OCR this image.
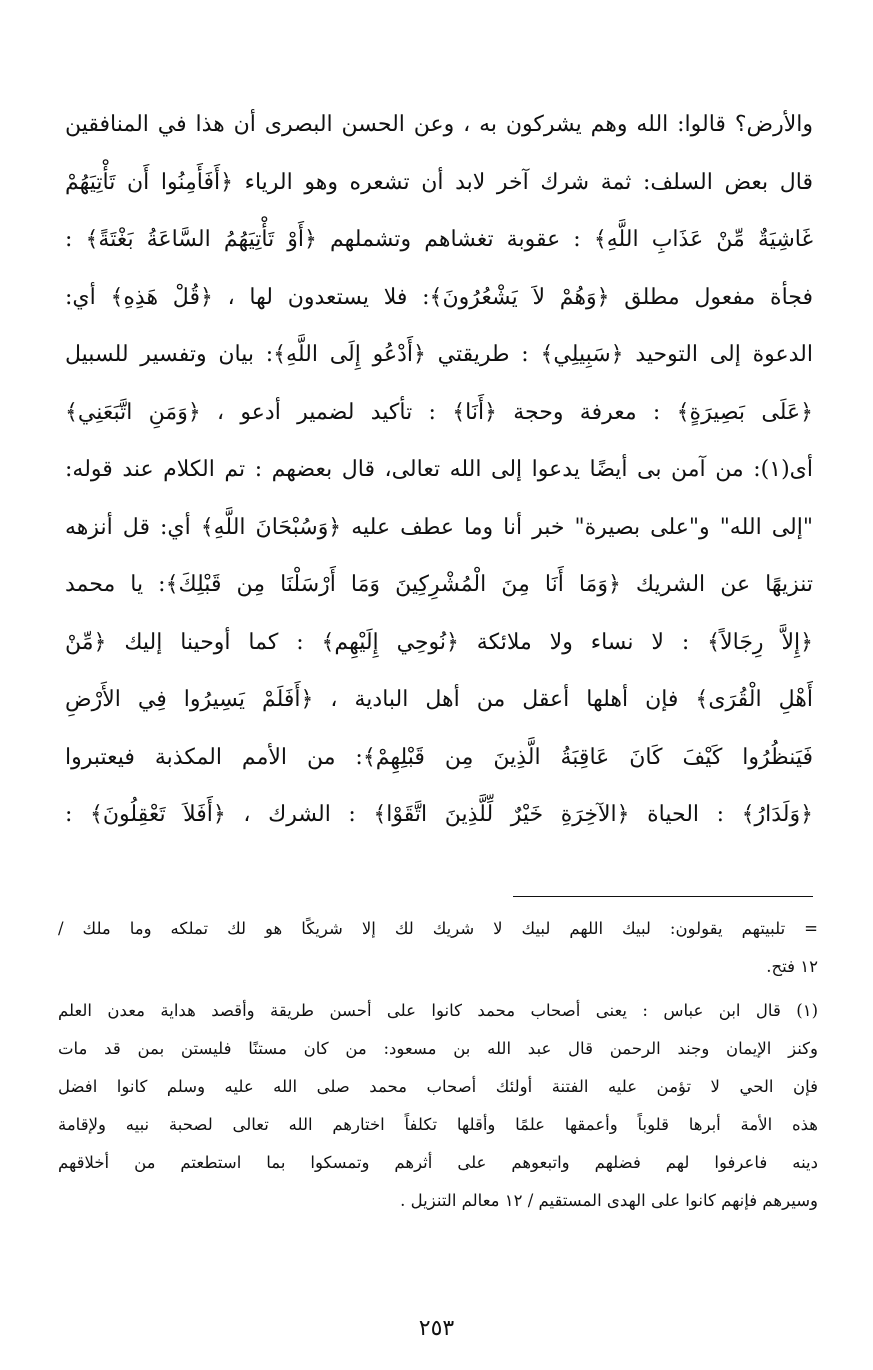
والأرض؟ قالوا: الله وهم يشركون به ، وعن الحسن البصرى أن هذا في المنافقين
قال بعض السلف: ثمة شرك آخر لابد أن تشعره وهو الرياء ﴿أَفَأَمِنُوا أَن تَأْتِيَهُمْ
غَاشِيَةٌ مِّنْ عَذَابِ اللَّهِ﴾ : عقوبة تغشاهم وتشملهم ﴿أَوْ تَأْتِيَهُمُ السَّاعَةُ بَغْتَةً﴾ :
فجأة مفعول مطلق ﴿وَهُمْ لاَ يَشْعُرُونَ﴾: فلا يستعدون لها ، ﴿قُلْ هَذِهِ﴾ أي:
الدعوة إلى التوحيد ﴿سَبِيلِي﴾ : طريقتي ﴿أَدْعُو إِلَى اللَّهِ﴾: بيان وتفسير للسبيل
﴿عَلَى بَصِيرَةٍ﴾ : معرفة وحجة ﴿أَنَا﴾ : تأكيد لضمير أدعو ، ﴿وَمَنِ اتَّبَعَنِي﴾
أى(١): من آمن بى أيضًا يدعوا إلى الله تعالى، قال بعضهم : تم الكلام عند قوله:
"إلى الله" و"على بصيرة" خبر أنا وما عطف عليه ﴿وَسُبْحَانَ اللَّهِ﴾ أي: قل أنزهه
تنزيهًا عن الشريك ﴿وَمَا أَنَا مِنَ الْمُشْرِكِينَ وَمَا أَرْسَلْنَا مِن قَبْلِكَ﴾: يا محمد
﴿إِلاَّ رِجَالاً﴾ : لا نساء ولا ملائكة ﴿نُوحِي إِلَيْهِم﴾ : كما أوحينا إليك ﴿مِّنْ
أَهْلِ الْقُرَى﴾ فإن أهلها أعقل من أهل البادية ، ﴿أَفَلَمْ يَسِيرُوا فِي الأَرْضِ
فَيَنظُرُوا كَيْفَ كَانَ عَاقِبَةُ الَّذِينَ مِن قَبْلِهِمْ﴾: من الأمم المكذبة فيعتبروا
﴿وَلَدَارُ﴾ : الحياة ﴿الآخِرَةِ خَيْرٌ لِّلَّذِينَ اتَّقَوْا﴾ : الشرك ، ﴿أَفَلاَ تَعْقِلُونَ﴾ :
= تلبيتهم يقولون: لبيك اللهم لبيك لا شريك لك إلا شريكًا هو لك تملكه وما ملك /
١٢ فتح.
(١) قال ابن عباس : يعنى أصحاب محمد كانوا على أحسن طريقة وأقصد هداية معدن العلم
وكنز الإيمان وجند الرحمن قال عبد الله بن مسعود: من كان مستنًا فليستن بمن قد مات
فإن الحي لا تؤمن عليه الفتنة أولئك أصحاب محمد صلى الله عليه وسلم كانوا افضل
هذه الأمة أبرها قلوباً وأعمقها علمًا وأقلها تكلفاً اختارهم الله تعالى لصحبة نبيه ولإقامة
دينه فاعرفوا لهم فضلهم واتبعوهم على أثرهم وتمسكوا بما استطعتم من أخلاقهم
وسيرهم فإنهم كانوا على الهدى المستقيم / ١٢ معالم التنزيل .
٢٥٣
